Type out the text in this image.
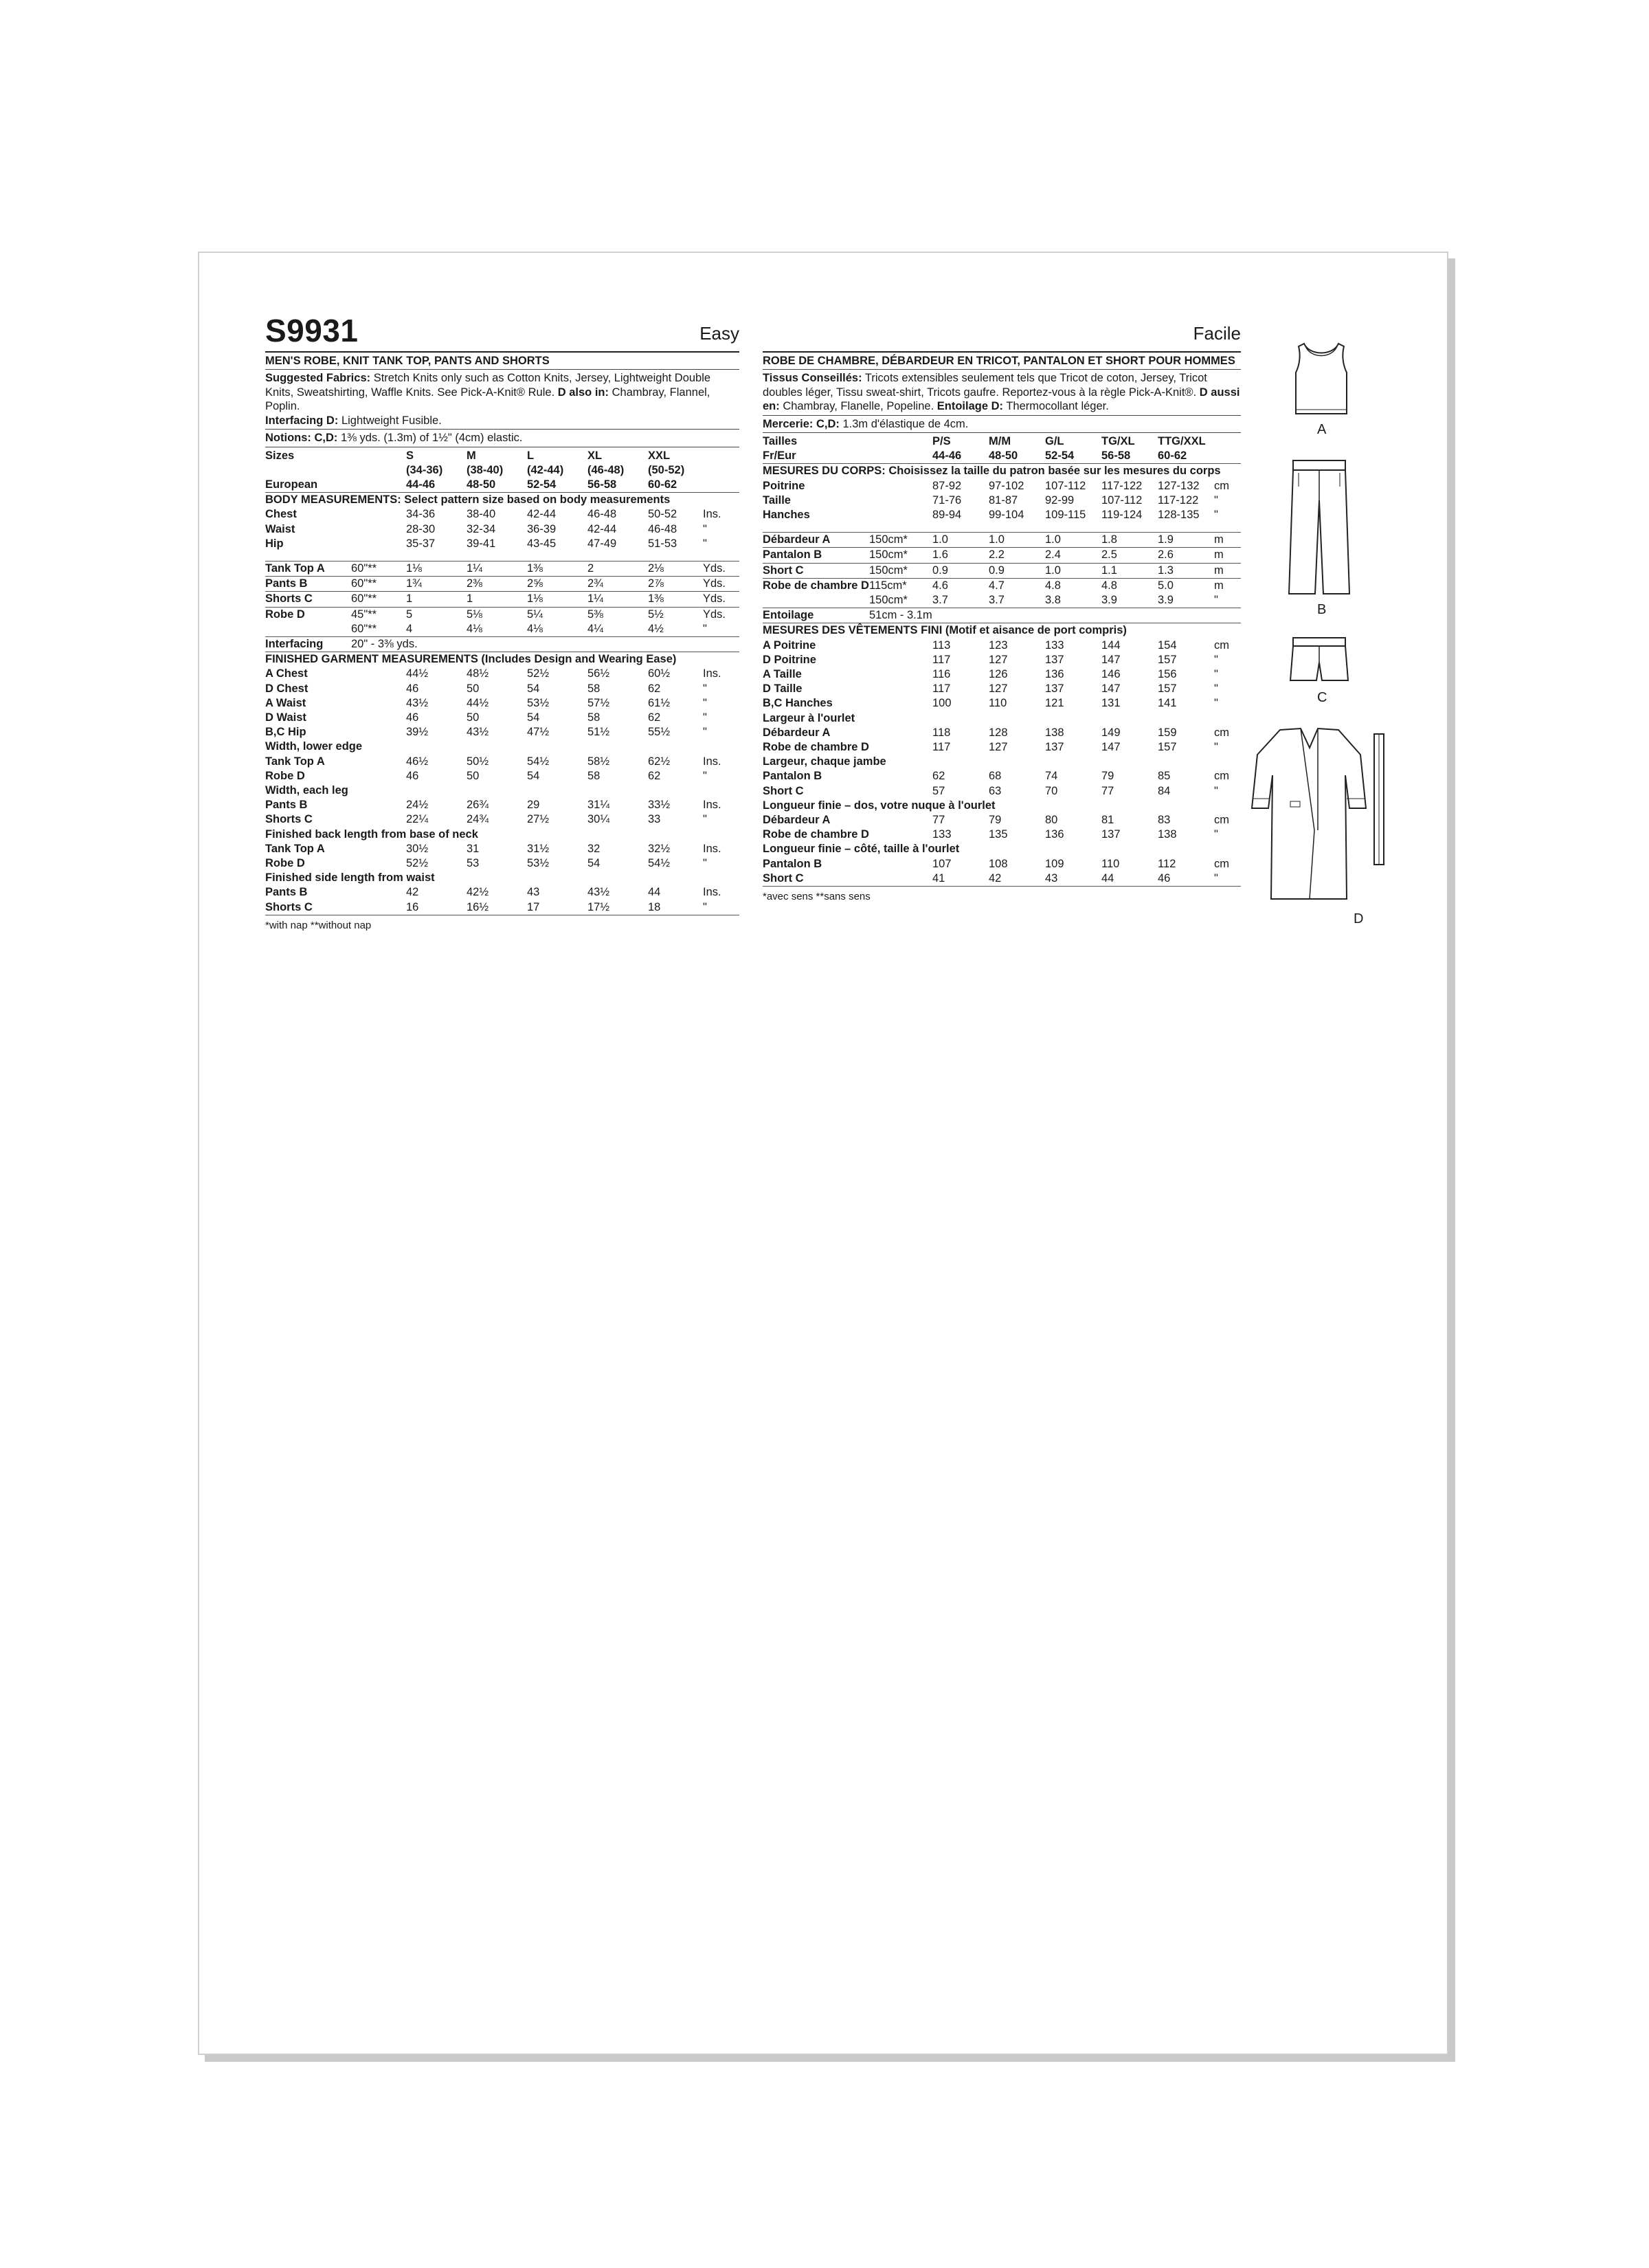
S9931	Easy
MEN'S ROBE, KNIT TANK TOP, PANTS AND SHORTS

Suggested Fabrics: Stretch Knits only such as Cotton Knits, Jersey, Lightweight Double Knits, Sweatshirting, Waffle Knits. See Pick-A-Knit® Rule. D also in: Chambray, Flannel, Poplin.

Interfacing D: Lightweight Fusible.

Notions: C,D: 1⅜ yds. (1.3m) of 1½" (4cm) elastic.

Sizes		S	M	L	XL	XXL	
		(34-36)	(38-40)	(42-44)	(46-48)	(50-52)	
European		44-46	48-50	52-54	56-58	60-62	
BODY MEASUREMENTS: Select pattern size based on body measurements							
Chest		34-36	38-40	42-44	46-48	50-52	Ins.
Waist		28-30	32-34	36-39	42-44	46-48	"
Hip		35-37	39-41	43-45	47-49	51-53	"

Tank Top A	60"**	1⅛	1¼	1⅜	2	2⅛	Yds.
Pants B	60"**	1¾	2⅜	2⅝	2¾	2⅞	Yds.
Shorts C	60"**	1	1	1⅛	1¼	1⅜	Yds.
Robe D	45"**	5	5⅛	5¼	5⅜	5½	Yds.
	60"**	4	4⅛	4⅛	4¼	4½	"
Interfacing	20" - 3⅜ yds.						
FINISHED GARMENT MEASUREMENTS (Includes Design and Wearing Ease)							
A Chest		44½	48½	52½	56½	60½	Ins.
D Chest		46	50	54	58	62	"
A Waist		43½	44½	53½	57½	61½	"
D Waist		46	50	54	58	62	"
B,C Hip		39½	43½	47½	51½	55½	"
Width, lower edge							
Tank Top A		46½	50½	54½	58½	62½	Ins.
Robe D		46	50	54	58	62	"
Width, each leg							
Pants B		24½	26¾	29	31¼	33½	Ins.
Shorts C		22¼	24¾	27½	30¼	33	"
Finished back length from base of neck							
Tank Top A		30½	31	31½	32	32½	Ins.
Robe D		52½	53	53½	54	54½	"
Finished side length from waist							
Pants B		42	42½	43	43½	44	Ins.
Shorts C		16	16½	17	17½	18	"
*with nap **without nap
Facile
ROBE DE CHAMBRE, DÉBARDEUR EN TRICOT, PANTALON ET SHORT POUR HOMMES

Tissus Conseillés: Tricots extensibles seulement tels que Tricot de coton, Jersey, Tricot doubles léger, Tissu sweat-shirt, Tricots gaufre. Reportez-vous à la règle Pick-A-Knit®. D aussi en: Chambray, Flanelle, Popeline. Entoilage D: Thermocollant léger.

Mercerie: C,D: 1.3m d'élastique de 4cm.

Tailles		P/S	M/M	G/L	TG/XL	TTG/XXL	
Fr/Eur		44-46	48-50	52-54	56-58	60-62	
MESURES DU CORPS: Choisissez la taille du patron basée sur les mesures du corps							
Poitrine		87-92	97-102	107-112	117-122	127-132	cm
Taille		71-76	81-87	92-99	107-112	117-122	"
Hanches		89-94	99-104	109-115	119-124	128-135	"

Débardeur A	150cm*	1.0	1.0	1.0	1.8	1.9	m
Pantalon B	150cm*	1.6	2.2	2.4	2.5	2.6	m
Short C	150cm*	0.9	0.9	1.0	1.1	1.3	m
Robe de chambre D	115cm*	4.6	4.7	4.8	4.8	5.0	m
	150cm*	3.7	3.7	3.8	3.9	3.9	"
Entoilage	51cm - 3.1m						
MESURES DES VÊTEMENTS FINI (Motif et aisance de port compris)							
A Poitrine		113	123	133	144	154	cm
D Poitrine		117	127	137	147	157	"
A Taille		116	126	136	146	156	"
D Taille		117	127	137	147	157	"
B,C Hanches		100	110	121	131	141	"
Largeur à l'ourlet							
Débardeur A		118	128	138	149	159	cm
Robe de chambre D		117	127	137	147	157	"
Largeur, chaque jambe							
Pantalon B		62	68	74	79	85	cm
Short C		57	63	70	77	84	"
Longueur finie – dos, votre nuque à l'ourlet							
Débardeur A		77	79	80	81	83	cm
Robe de chambre D		133	135	136	137	138	"
Longueur finie – côté, taille à l'ourlet							
Pantalon B		107	108	109	110	112	cm
Short C		41	42	43	44	46	"
*avec sens **sans sens
A
B
C
D
